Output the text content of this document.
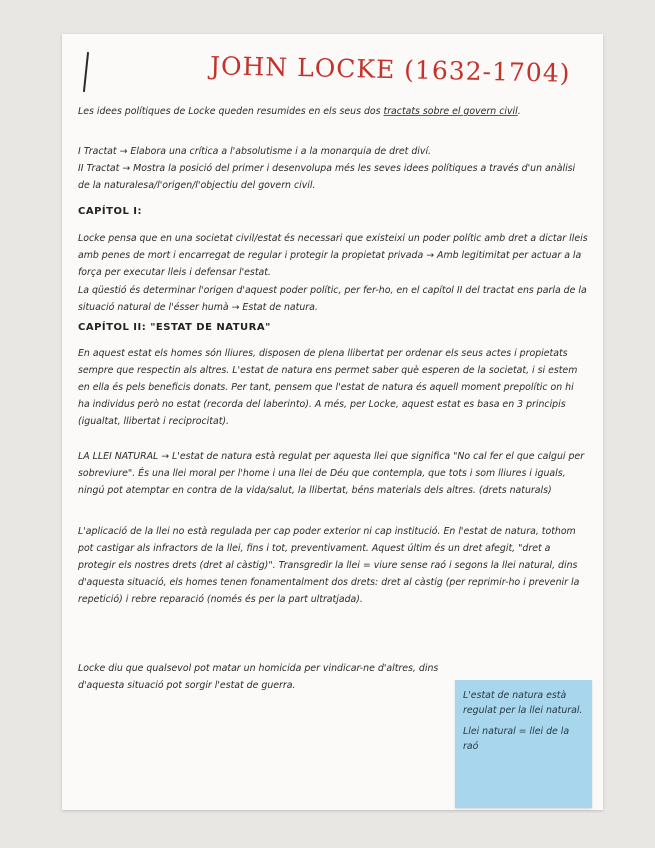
JOHN LOCKE (1632-1704)
Les idees polítiques de Locke queden resumides en els seus dos tractats sobre el govern civil.
I Tractat → Elabora una crítica a l'absolutisme i a la monarquia de dret diví.
II Tractat → Mostra la posició del primer i desenvolupa més les seves idees polítiques a través d'un anàlisi de la naturalesa/l'origen/l'objectiu del govern civil.
CAPÍTOL I:
Locke pensa que en una societat civil/estat és necessari que existeixi un poder polític amb dret a dictar lleis amb penes de mort i encarregat de regular i protegir la propietat privada → Amb legitimitat per actuar a la força per executar lleis i defensar l'estat.
La qüestió és determinar l'origen d'aquest poder polític, per fer-ho, en el capítol II del tractat ens parla de la situació natural de l'ésser humà → Estat de natura.
CAPÍTOL II: "ESTAT DE NATURA"
En aquest estat els homes són lliures, disposen de plena llibertat per ordenar els seus actes i propietats sempre que respectin als altres. L'estat de natura ens permet saber què esperen de la societat, i si estem en ella és pels beneficis donats. Per tant, pensem que l'estat de natura és aquell moment prepolític on hi ha individus però no estat (recorda del laberinto). A més, per Locke, aquest estat es basa en 3 principis (igualtat, llibertat i reciprocitat).
LA LLEI NATURAL → L'estat de natura està regulat per aquesta llei que significa "No cal fer el que calgui per sobreviure". És una llei moral per l'home i una llei de Déu que contempla, que tots i som lliures i iguals, ningú pot atemptar en contra de la vida/salut, la llibertat, béns materials dels altres. (drets naturals)
L'aplicació de la llei no està regulada per cap poder exterior ni cap institució. En l'estat de natura, tothom pot castigar als infractors de la llei, fins i tot, preventivament. Aquest últim és un dret afegit, "dret a protegir els nostres drets (dret al càstig)". Transgredir la llei = viure sense raó i segons la llei natural, dins d'aquesta situació, els homes tenen fonamentalment dos drets: dret al càstig (per reprimir-ho i prevenir la repetició) i rebre reparació (només és per la part ultratjada).
Locke diu que qualsevol pot matar un homicida per vindicar-ne d'altres, dins d'aquesta situació pot sorgir l'estat de guerra.

L'estat de natura està regulat per la llei natural.

Llei natural = llei de la raó
